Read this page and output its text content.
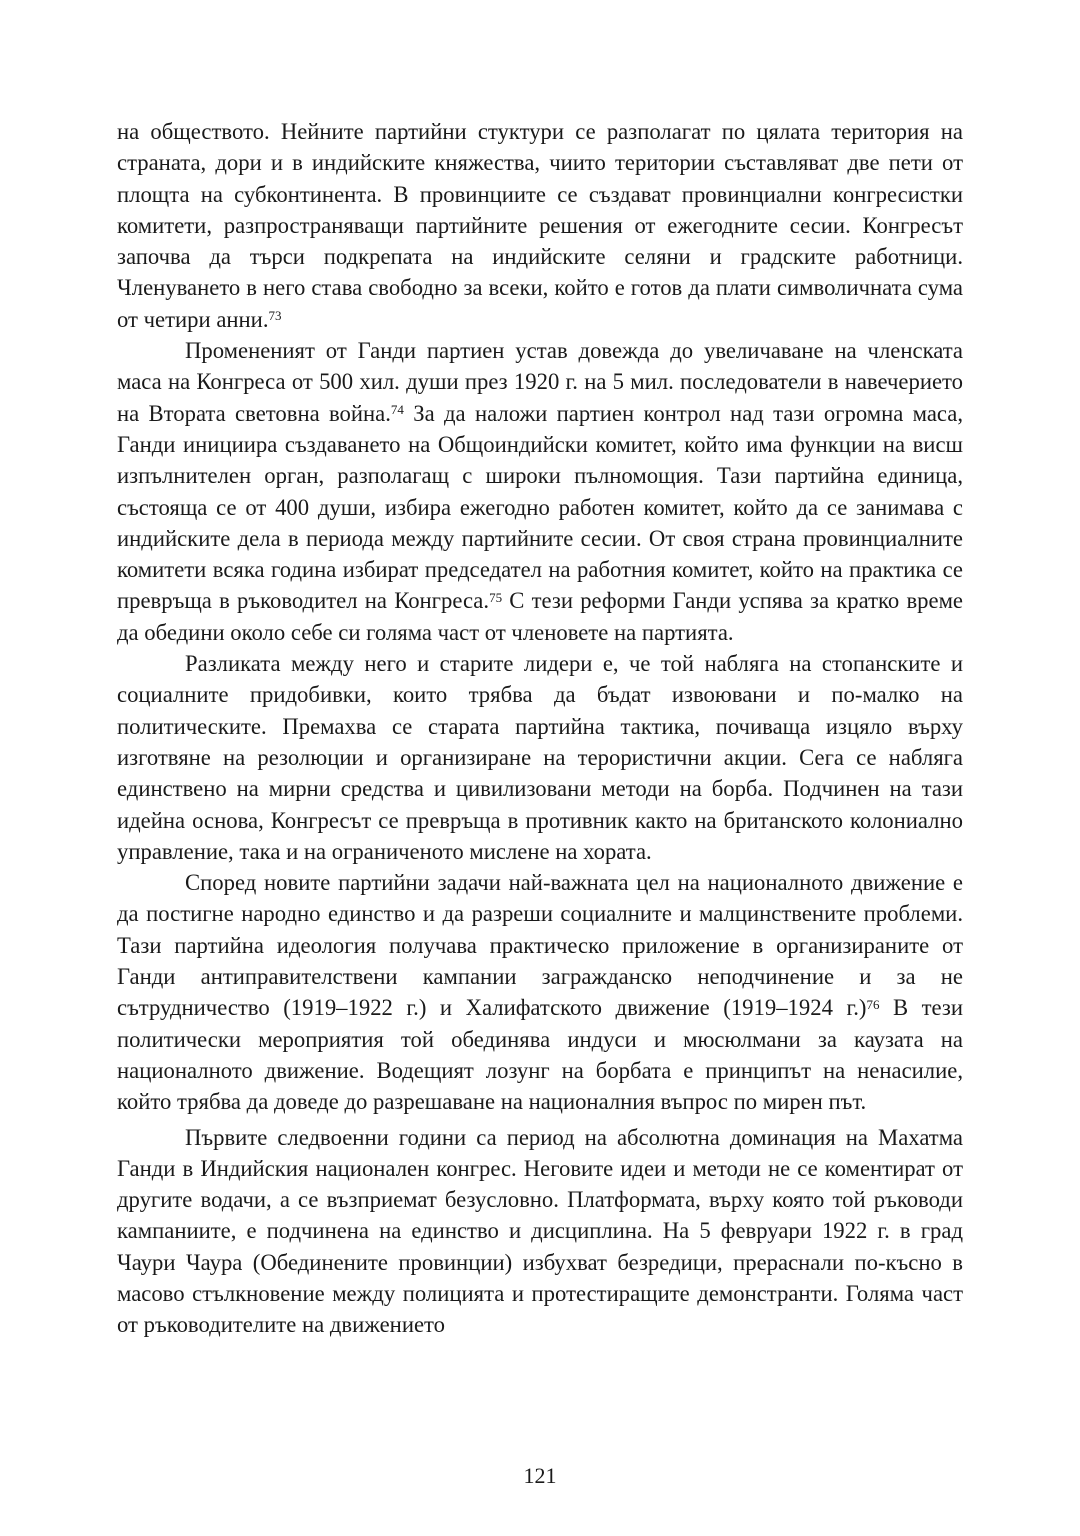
на обществото. Нейните партийни стуктури се разполагат по цялата територия на страната, дори и в индийските княжества, чиито територии съставляват две пети от площта на субконтинента. В провинциите се създават провинциални конгресистки комитети, разпространяващи партийните решения от ежегодните сесии. Конгресът започва да търси подкрепата на индийските селяни и градските работници. Членуването в него става свободно за всеки, който е готов да плати символичната сума от четири анни.$^{73}$

Промененият от Ганди партиен устав довежда до увеличаване на членската маса на Конгреса от 500 хил. души през 1920 г. на 5 мил. последователи в навечерието на Втората световна война.$^{74}$ За да наложи партиен контрол над тази огромна маса, Ганди инициира създаването на Общоиндийски комитет, който има функции на висш изпълнителен орган, разполагащ с широки пълномощия. Тази партийна единица, състояща се от 400 души, избира ежегодно работен комитет, който да се занимава с индийските дела в периода между партийните сесии. От своя страна провинциалните комитети всяка година избират председател на работния комитет, който на практика се превръща в ръководител на Конгреса.$^{75}$ С тези реформи Ганди успява за кратко време да обедини около себе си голяма част от членовете на партията.

Разликата между него и старите лидери е, че той набляга на стопанските и социалните придобивки, които трябва да бъдат извоювани и по-малко на политическите. Премахва се старата партийна тактика, почиваща изцяло върху изготвяне на резолюции и организиране на терористични акции. Сега се набляга единствено на мирни средства и цивилизовани методи на борба. Подчинен на тази идейна основа, Конгресът се превръща в противник както на британското колониално управление, така и на ограниченото мислене на хората.

Според новите партийни задачи най-важната цел на националното движение е да постигне народно единство и да разреши социалните и малцинствените проблеми. Тази партийна идеология получава практическо приложение в организираните от Ганди антиправителствени кампании загражданско неподчинение и за не сътрудничество (1919–1922 г.) и Халифатското движение (1919–1924 г.)$^{76}$ В тези политически мероприятия той обединява индуси и мюсюлмани за каузата на националното движение. Водещият лозунг на борбата е принципът на ненасилие, който трябва да доведе до разрешаване на националния въпрос по мирен път.

Първите следвоенни години са период на абсолютна доминация на Махатма Ганди в Индийския национален конгрес. Неговите идеи и методи не се коментират от другите водачи, а се възприемат безусловно. Платформата, върху която той ръководи кампаниите, е подчинена на единство и дисциплина. На 5 февруари 1922 г. в град Чаури Чаура (Обединените провинции) избухват безредици, прераснали по-късно в масово стълкновение между полицията и протестиращите демонстранти. Голяма част от ръководителите на движението

121
